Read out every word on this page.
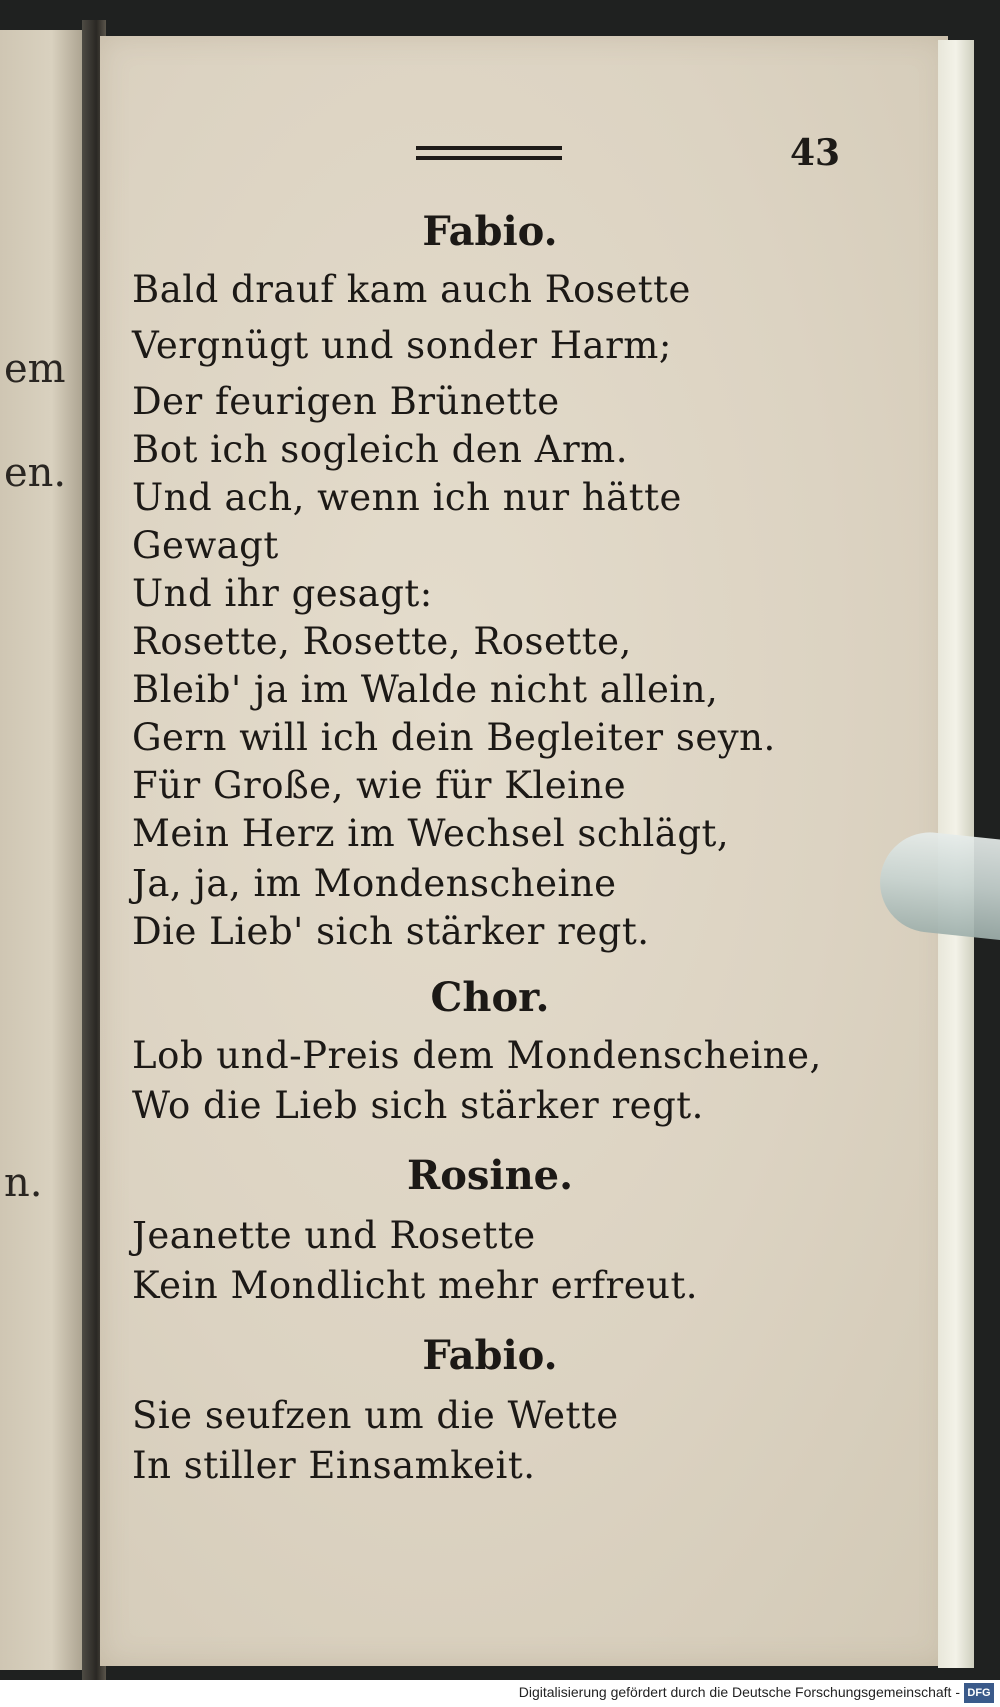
em
en.
n.
43
Fabio.
Bald drauf kam auch Rosette
Vergnügt und sonder Harm;
Der feurigen Brünette
Bot ich sogleich den Arm.
Und ach, wenn ich nur hätte
Gewagt
Und ihr gesagt:
Rosette, Rosette, Rosette,
Bleib' ja im Walde nicht allein,
Gern will ich dein Begleiter seyn.
Für Große, wie für Kleine
Mein Herz im Wechsel schlägt,
Ja, ja, im Mondenscheine
Die Lieb' sich stärker regt.
Chor.
Lob und-Preis dem Mondenscheine,
Wo die Lieb sich stärker regt.
Rosine.
Jeanette und Rosette
Kein Mondlicht mehr erfreut.
Fabio.
Sie seufzen um die Wette
In stiller Einsamkeit.
Digitalisierung gefördert durch die Deutsche Forschungsgemeinschaft - DFG
